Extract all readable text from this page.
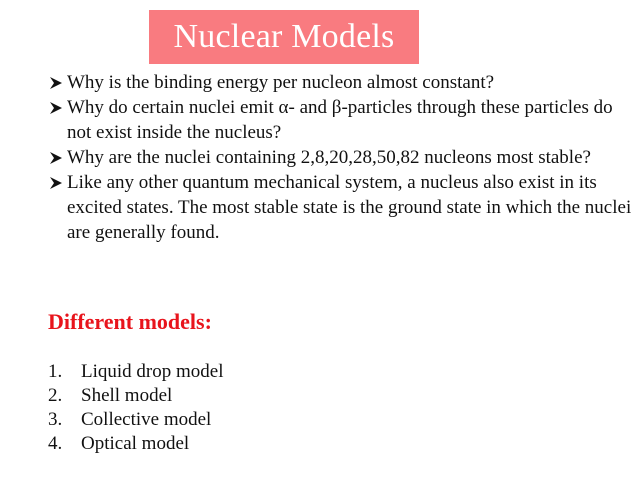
Nuclear Models
Why is the binding energy per nucleon almost constant?
Why do certain nuclei emit α- and β-particles through these particles do not exist inside the nucleus?
Why are the nuclei containing 2,8,20,28,50,82 nucleons most stable?
Like any other quantum mechanical system, a nucleus also exist in its excited states. The most stable state is the ground state in which the nuclei are generally found.
Different models:
1. Liquid drop model
2. Shell model
3. Collective model
4. Optical model
